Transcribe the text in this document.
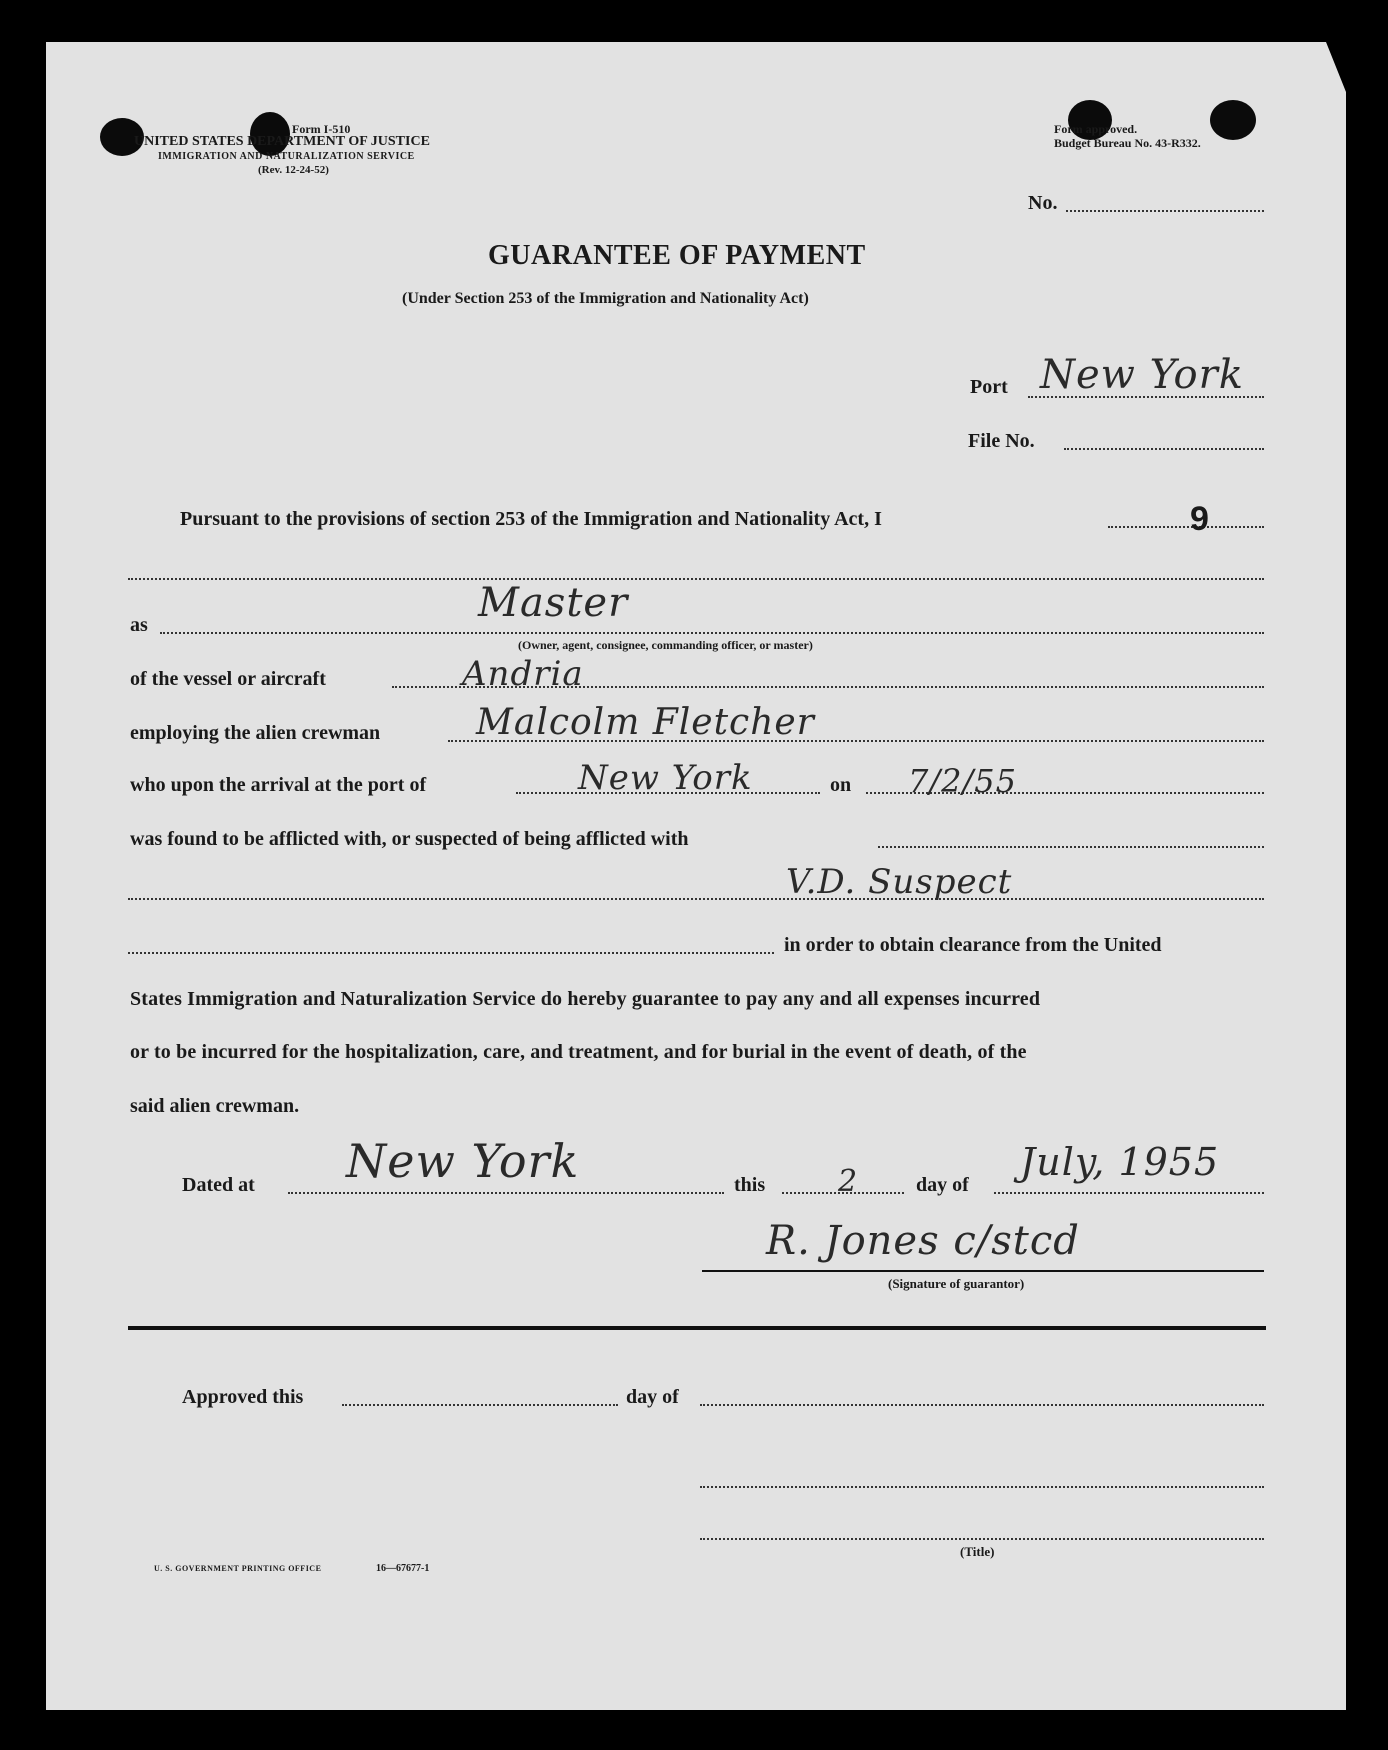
Form I-510
UNITED STATES DEPARTMENT OF JUSTICE
IMMIGRATION AND NATURALIZATION SERVICE
(Rev. 12-24-52)
Form approved.
Budget Bureau No. 43-R332.
No.
GUARANTEE OF PAYMENT
(Under Section 253 of the Immigration and Nationality Act)
Port New York
File No.
Pursuant to the provisions of section 253 of the Immigration and Nationality Act, I	9
as	Master
(Owner, agent, consignee, commanding officer, or master)
of the vessel or aircraft	Andria
employing the alien crewman	Malcolm Fletcher
who upon the arrival at the port of	New York	on 7/2/55
was found to be afflicted with, or suspected of being afflicted with
V.D. Suspect
in order to obtain clearance from the United
States Immigration and Naturalization Service do hereby guarantee to pay any and all expenses incurred
or to be incurred for the hospitalization, care, and treatment, and for burial in the event of death, of the
said alien crewman.
Dated at New York	this 2	day of
July, 1955
R. Jones c/stcd
(Signature of guarantor)
Approved this	day of
(Title)
U. S. GOVERNMENT PRINTING OFFICE	16—67677-1
